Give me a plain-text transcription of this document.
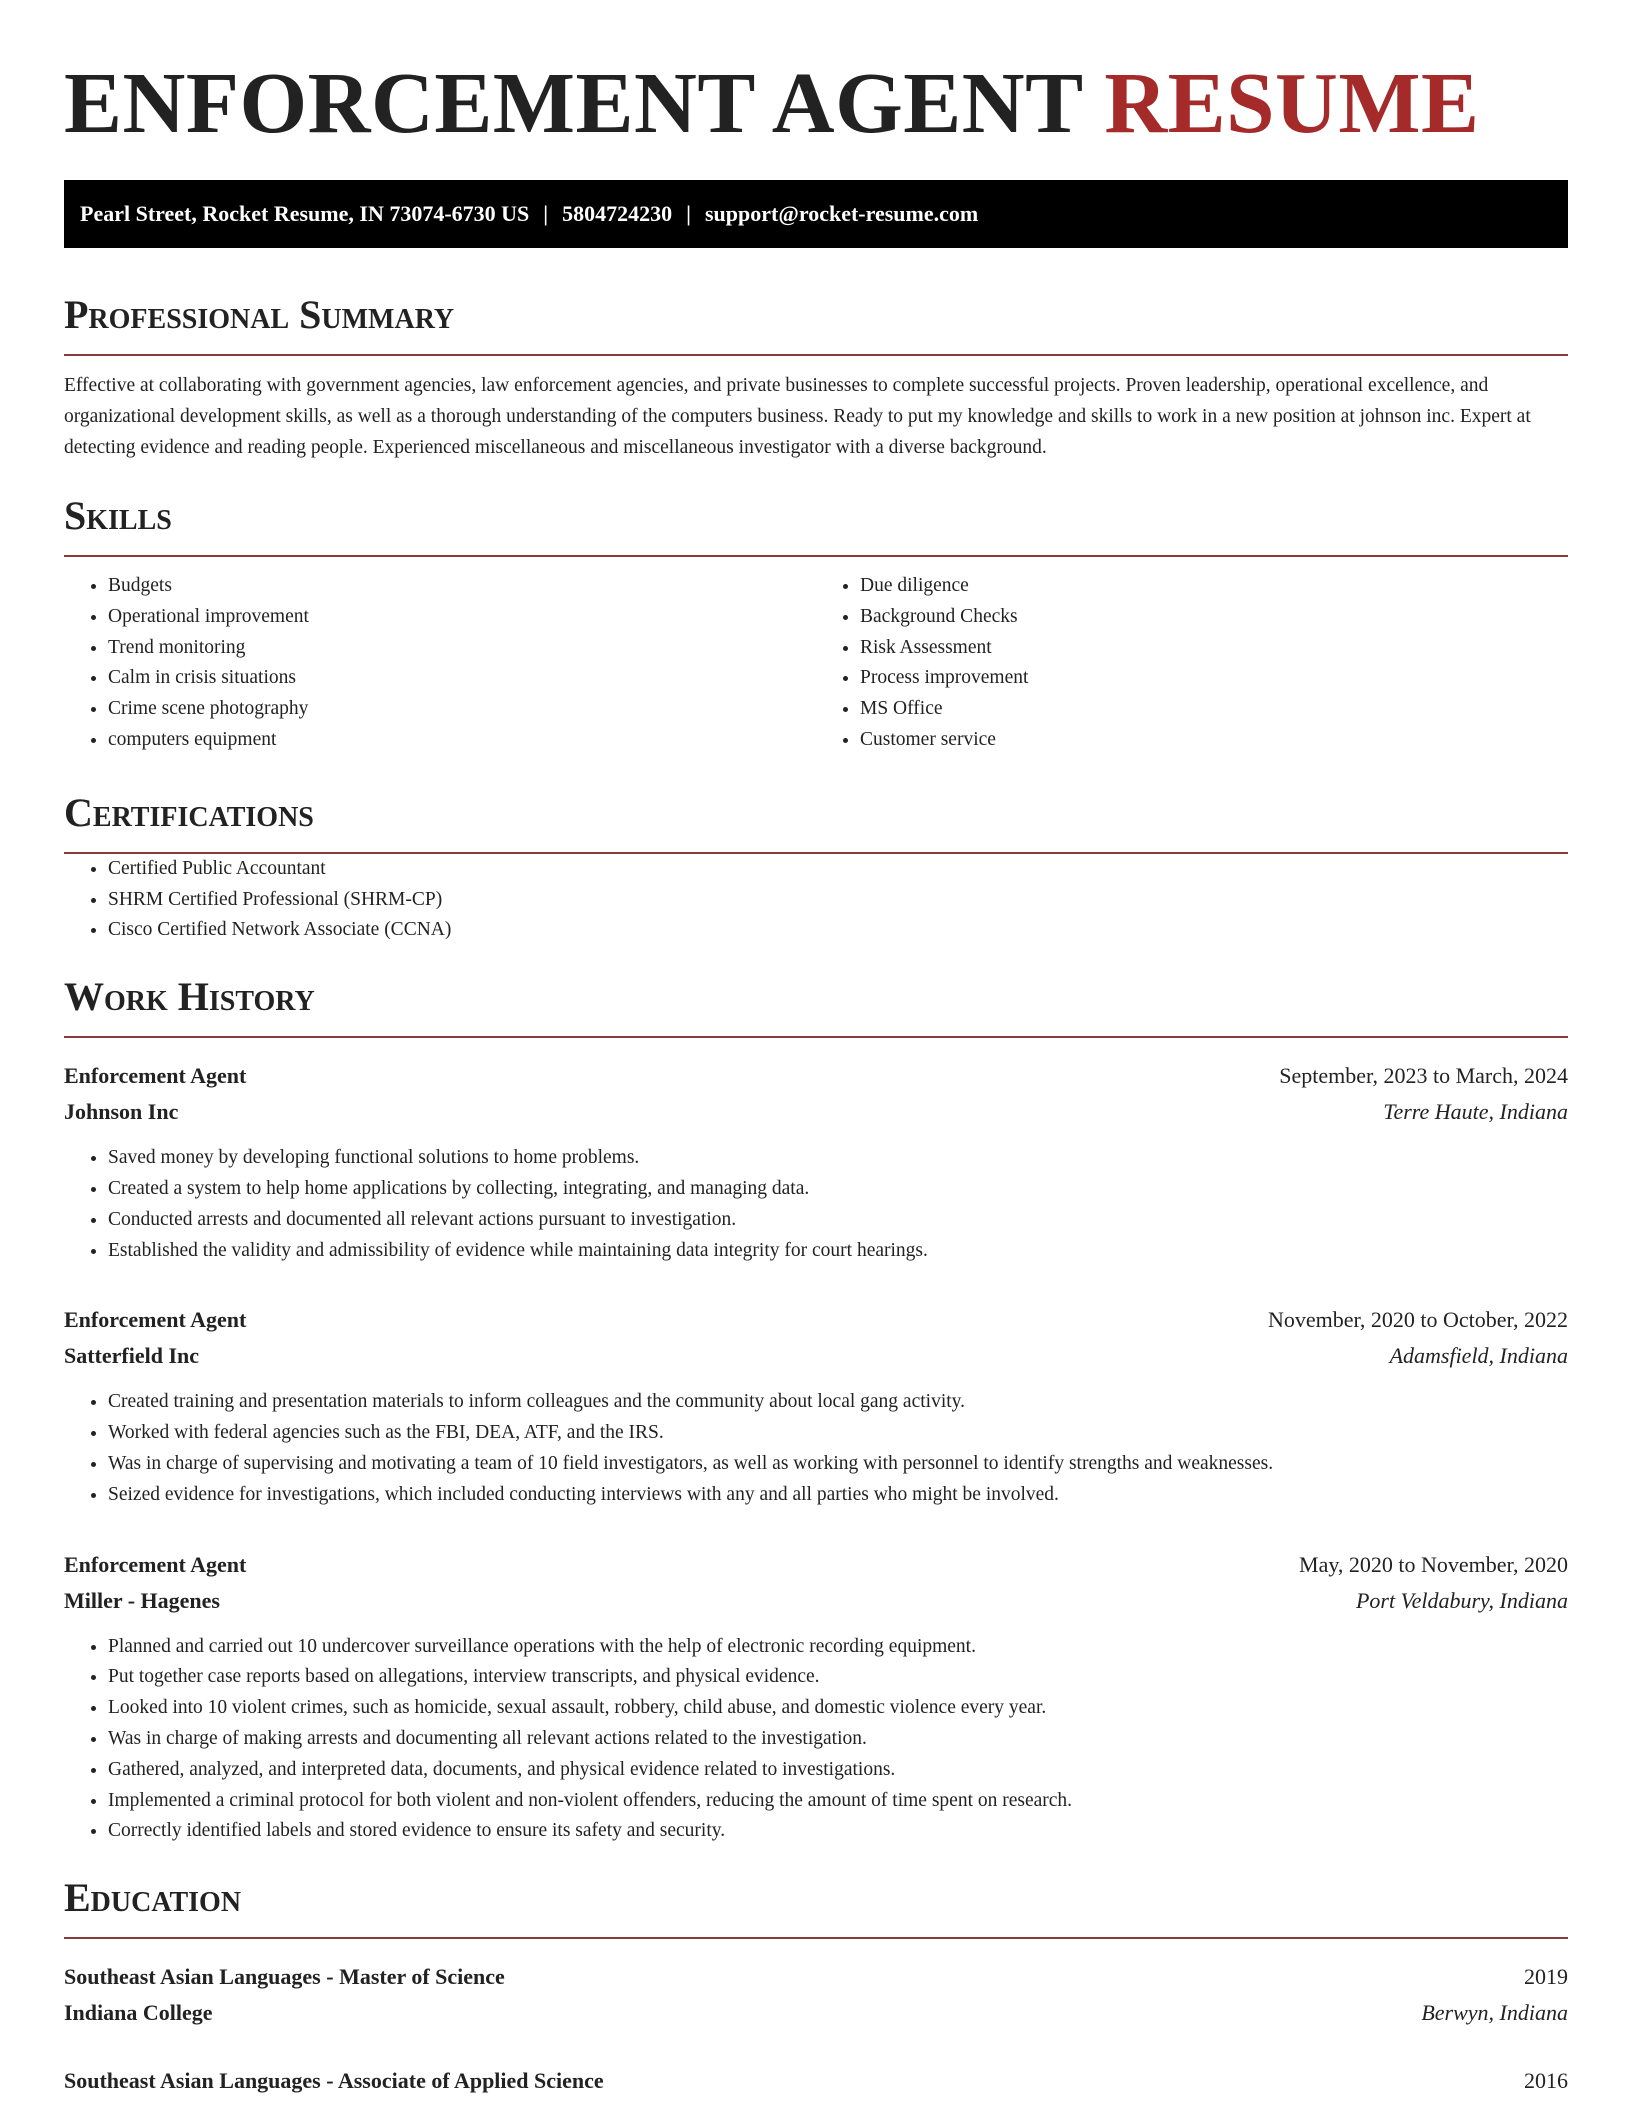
ENFORCEMENT AGENT RESUME
Pearl Street, Rocket Resume, IN 73074-6730 US | 5804724230 | support@rocket-resume.com
Professional Summary

Effective at collaborating with government agencies, law enforcement agencies, and private businesses to complete successful projects. Proven leadership, operational excellence, and organizational development skills, as well as a thorough understanding of the computers business. Ready to put my knowledge and skills to work in a new position at johnson inc. Expert at detecting evidence and reading people. Experienced miscellaneous and miscellaneous investigator with a diverse background.

Skills
• Budgets
• Operational improvement
• Trend monitoring
• Calm in crisis situations
• Crime scene photography
• computers equipment
• Due diligence
• Background Checks
• Risk Assessment
• Process improvement
• MS Office
• Customer service
Certifications
• Certified Public Accountant
• SHRM Certified Professional (SHRM-CP)
• Cisco Certified Network Associate (CCNA)
Work History
Enforcement Agent	September, 2023 to March, 2024
Johnson Inc	Terre Haute, Indiana
• Saved money by developing functional solutions to home problems.
• Created a system to help home applications by collecting, integrating, and managing data.
• Conducted arrests and documented all relevant actions pursuant to investigation.
• Established the validity and admissibility of evidence while maintaining data integrity for court hearings.
Enforcement Agent	November, 2020 to October, 2022
Satterfield Inc	Adamsfield, Indiana
• Created training and presentation materials to inform colleagues and the community about local gang activity.
• Worked with federal agencies such as the FBI, DEA, ATF, and the IRS.
• Was in charge of supervising and motivating a team of 10 field investigators, as well as working with personnel to identify strengths and weaknesses.
• Seized evidence for investigations, which included conducting interviews with any and all parties who might be involved.
Enforcement Agent	May, 2020 to November, 2020
Miller - Hagenes	Port Veldabury, Indiana
• Planned and carried out 10 undercover surveillance operations with the help of electronic recording equipment.
• Put together case reports based on allegations, interview transcripts, and physical evidence.
• Looked into 10 violent crimes, such as homicide, sexual assault, robbery, child abuse, and domestic violence every year.
• Was in charge of making arrests and documenting all relevant actions related to the investigation.
• Gathered, analyzed, and interpreted data, documents, and physical evidence related to investigations.
• Implemented a criminal protocol for both violent and non-violent offenders, reducing the amount of time spent on research.
• Correctly identified labels and stored evidence to ensure its safety and security.
Education
Southeast Asian Languages - Master of Science	2019
Indiana College	Berwyn, Indiana
Southeast Asian Languages - Associate of Applied Science	2016
